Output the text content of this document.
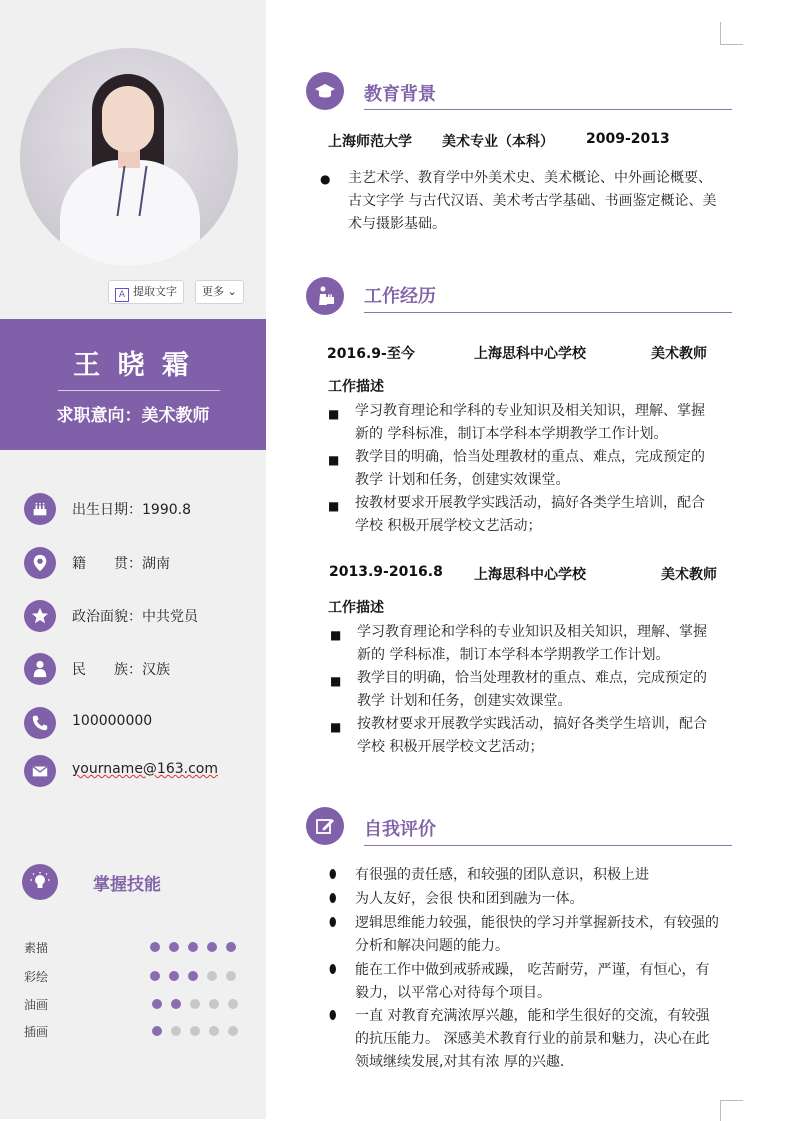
A 提取文字	更多 ⌄
王 晓 霜
求职意向：美术教师
出生日期：1990.8
籍　　贯：湖南
政治面貌：中共党员
民　　族：汉族
100000000
yourname@163.com
掌握技能
素描
彩绘
油画
插画
教育背景
上海师范大学 美术专业（本科） 2009-2013
● 主艺术学、教育学中外美术史、美术概论、中外画论概要、古文字学 与古代汉语、美术考古学基础、书画鉴定概论、美术与摄影基础。
工作经历
2016.9-至今	上海思科中心学校	美术教师
工作描述
■ 学习教育理论和学科的专业知识及相关知识，理解、掌握新的 学科标准，制订本学科本学期教学工作计划。
■ 教学目的明确，恰当处理教材的重点、难点，完成预定的教学 计划和任务，创建实效课堂。
■ 按教材要求开展教学实践活动，搞好各类学生培训，配合学校 积极开展学校文艺活动；
2013.9-2016.8 上海思科中心学校	美术教师
工作描述
■ 学习教育理论和学科的专业知识及相关知识，理解、掌握新的 学科标准，制订本学科本学期教学工作计划。
■ 教学目的明确，恰当处理教材的重点、难点，完成预定的教学 计划和任务，创建实效课堂。
■ 按教材要求开展教学实践活动，搞好各类学生培训，配合学校 积极开展学校文艺活动；
自我评价
⬮ 有很强的责任感，和较强的团队意识，积极上进
⬮ 为人友好，会很 快和团到融为一体。
⬮ 逻辑思维能力较强，能很快的学习并掌握新技术，有较强的分析和解决问题的能力。
⬮ 能在工作中做到戒骄戒躁， 吃苦耐劳，严谨，有恒心，有毅力，以平常心对待每个项目。
⬮ 一直 对教育充满浓厚兴趣，能和学生很好的交流，有较强的抗压能力。 深感美术教育行业的前景和魅力，决心在此领域继续发展,对其有浓 厚的兴趣.
